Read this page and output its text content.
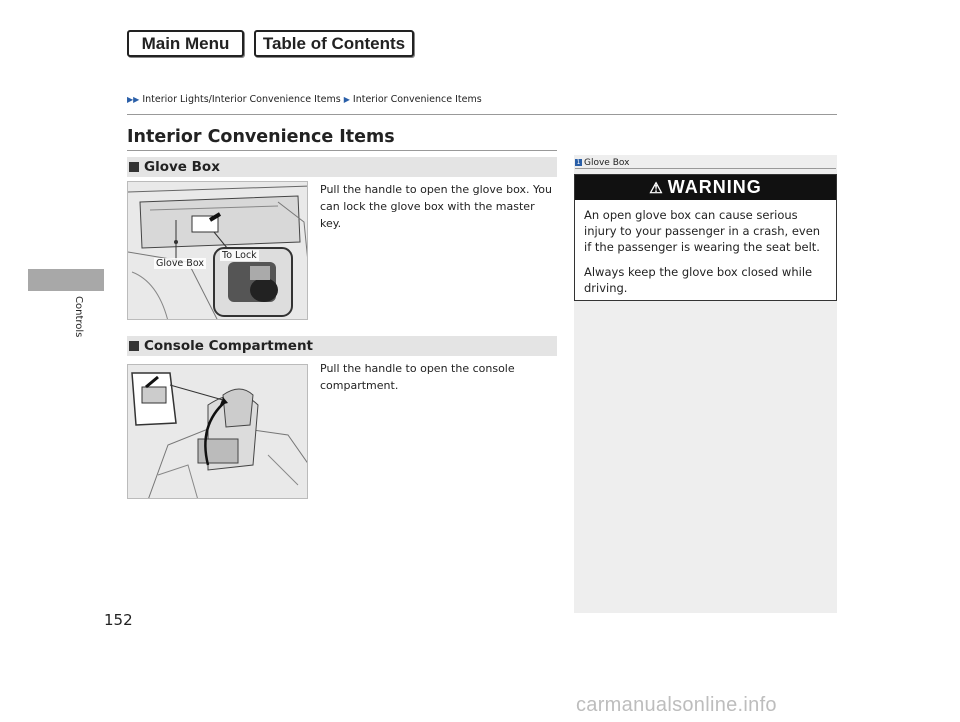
Main Menu	Table of Contents
▶▶ Interior Lights/Interior Convenience Items ▶ Interior Convenience Items
Controls
152
Interior Convenience Items
Glove Box
Glove Box
To Lock
Pull the handle to open the glove box. You can lock the glove box with the master key.
Console Compartment
Pull the handle to open the console compartment.
1 Glove Box
⚠ WARNING

An open glove box can cause serious injury to your passenger in a crash, even if the passenger is wearing the seat belt.

Always keep the glove box closed while driving.

carmanualsonline.info
